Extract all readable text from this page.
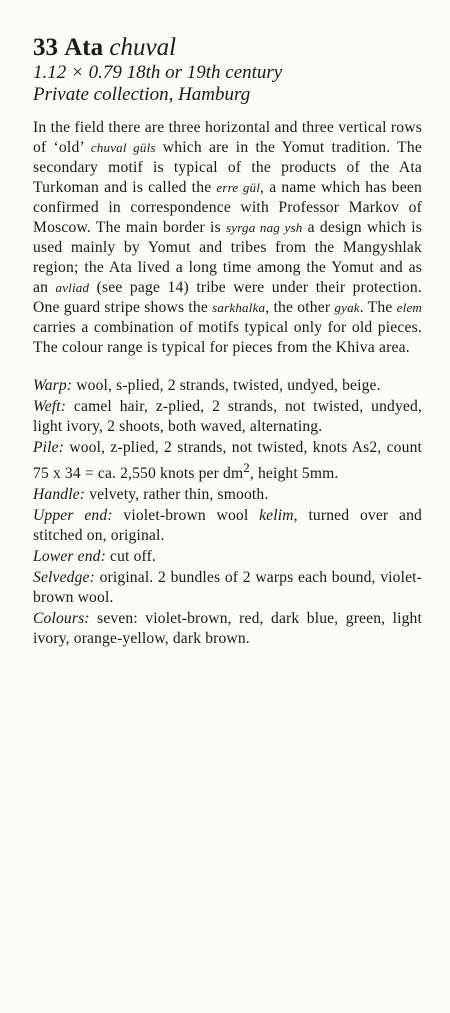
33 Ata chuval

1.12 × 0.79 18th or 19th century

Private collection, Hamburg

In the field there are three horizontal and three vertical rows of ‘old’ chuval güls which are in the Yomut tradition. The secondary motif is typical of the products of the Ata Turkoman and is called the erre gül, a name which has been confirmed in correspondence with Professor Markov of Moscow. The main border is syrga nag ysh a design which is used mainly by Yomut and tribes from the Mangyshlak region; the Ata lived a long time among the Yomut and as an avliad (see page 14) tribe were under their protection. One guard stripe shows the sarkhalka, the other gyak. The elem carries a combination of motifs typical only for old pieces. The colour range is typical for pieces from the Khiva area.

Warp: wool, s-plied, 2 strands, twisted, undyed, beige.

Weft: camel hair, z-plied, 2 strands, not twisted, undyed, light ivory, 2 shoots, both waved, alternating.

Pile: wool, z-plied, 2 strands, not twisted, knots As2, count 75 x 34 = ca. 2,550 knots per $dm^2$, height 5mm.

Handle: velvety, rather thin, smooth.

Upper end: violet-brown wool kelim, turned over and stitched on, original.

Lower end: cut off.

Selvedge: original. 2 bundles of 2 warps each bound, violet-brown wool.

Colours: seven: violet-brown, red, dark blue, green, light ivory, orange-yellow, dark brown.
